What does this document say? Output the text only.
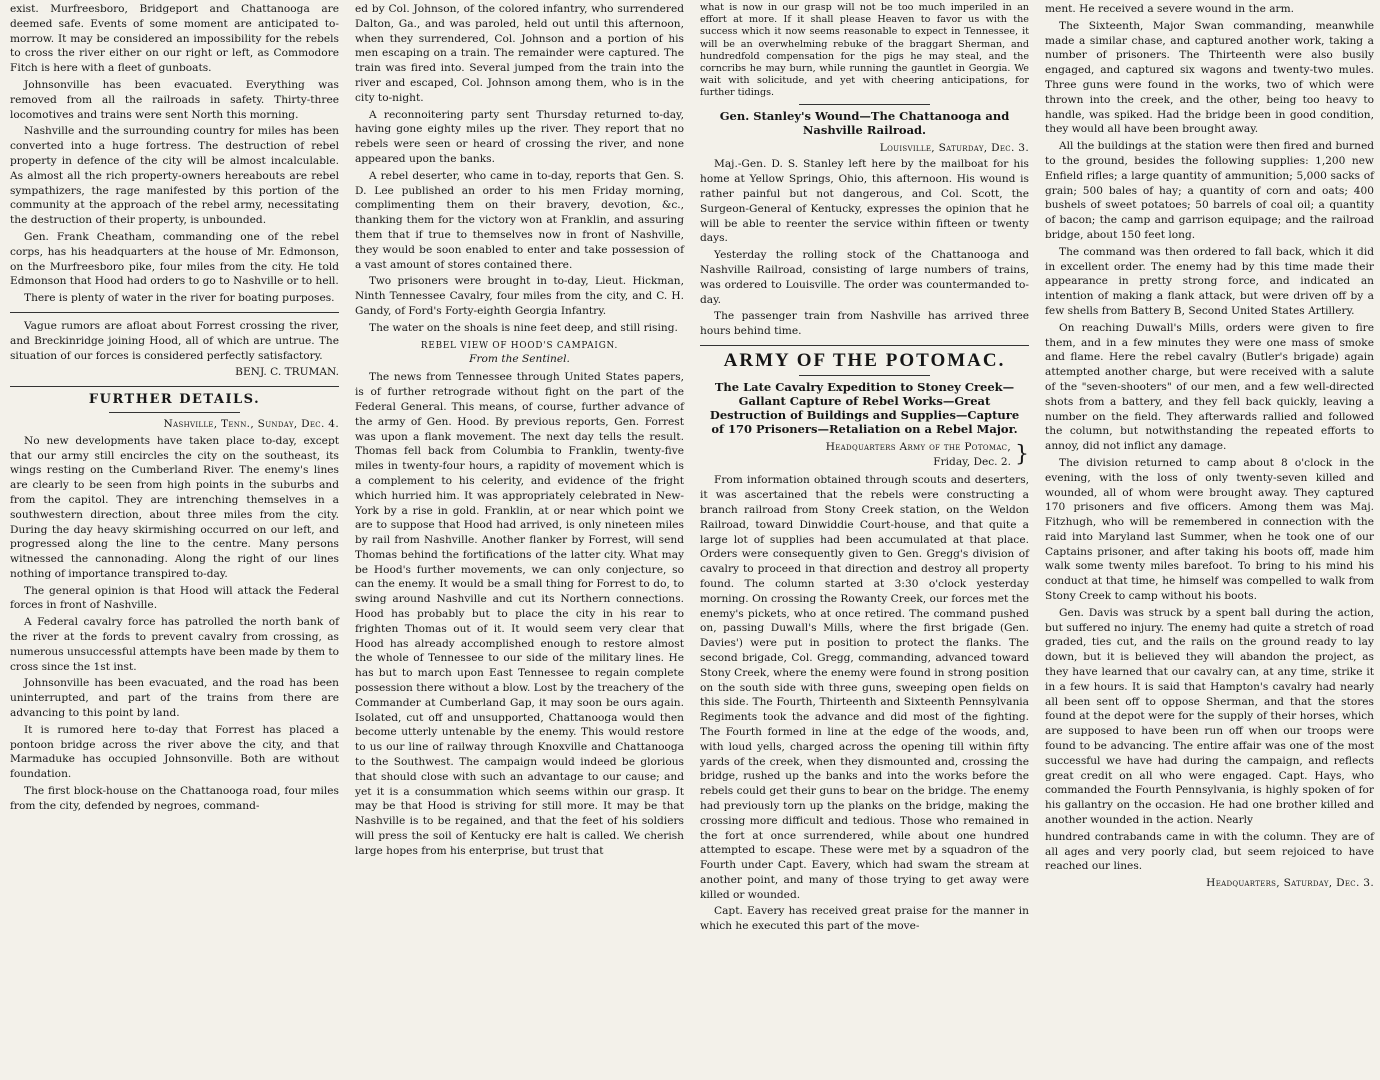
exist. Murfreesboro, Bridgeport and Chattanooga are deemed safe. Events of some moment are anticipated to-morrow. It may be considered an impossibility for the rebels to cross the river either on our right or left, as Commodore Fitch is here with a fleet of gunboats.

Johnsonville has been evacuated. Everything was removed from all the railroads in safety. Thirty-three locomotives and trains were sent North this morning.

Nashville and the surrounding country for miles has been converted into a huge fortress. The destruction of rebel property in defence of the city will be almost incalculable. As almost all the rich property-owners hereabouts are rebel sympathizers, the rage manifested by this portion of the community at the approach of the rebel army, necessitating the destruction of their property, is unbounded.

Gen. Frank Cheatham, commanding one of the rebel corps, has his headquarters at the house of Mr. Edmonson, on the Murfreesboro pike, four miles from the city. He told Edmonson that Hood had orders to go to Nashville or to hell.

There is plenty of water in the river for boating purposes.

Vague rumors are afloat about Forrest crossing the river, and Breckinridge joining Hood, all of which are untrue. The situation of our forces is considered perfectly satisfactory.

BENJ. C. TRUMAN.

FURTHER DETAILS.

Nashville, Tenn., Sunday, Dec. 4.

No new developments have taken place to-day, except that our army still encircles the city on the southeast, its wings resting on the Cumberland River. The enemy's lines are clearly to be seen from high points in the suburbs and from the capitol. They are intrenching themselves in a southwestern direction, about three miles from the city. During the day heavy skirmishing occurred on our left, and progressed along the line to the centre. Many persons witnessed the cannonading. Along the right of our lines nothing of importance transpired to-day.

The general opinion is that Hood will attack the Federal forces in front of Nashville.

A Federal cavalry force has patrolled the north bank of the river at the fords to prevent cavalry from crossing, as numerous unsuccessful attempts have been made by them to cross since the 1st inst.

Johnsonville has been evacuated, and the road has been uninterrupted, and part of the trains from there are advancing to this point by land.

It is rumored here to-day that Forrest has placed a pontoon bridge across the river above the city, and that Marmaduke has occupied Johnsonville. Both are without foundation.

The first block-house on the Chattanooga road, four miles from the city, defended by negroes, command-

ed by Col. Johnson, of the colored infantry, who surrendered Dalton, Ga., and was paroled, held out until this afternoon, when they surrendered, Col. Johnson and a portion of his men escaping on a train. The remainder were captured. The train was fired into. Several jumped from the train into the river and escaped, Col. Johnson among them, who is in the city to-night.

A reconnoitering party sent Thursday returned to-day, having gone eighty miles up the river. They report that no rebels were seen or heard of crossing the river, and none appeared upon the banks.

A rebel deserter, who came in to-day, reports that Gen. S. D. Lee published an order to his men Friday morning, complimenting them on their bravery, devotion, &c., thanking them for the victory won at Franklin, and assuring them that if true to themselves now in front of Nashville, they would be soon enabled to enter and take possession of a vast amount of stores contained there.

Two prisoners were brought in to-day, Lieut. Hickman, Ninth Tennessee Cavalry, four miles from the city, and C. H. Gandy, of Ford's Forty-eighth Georgia Infantry.

The water on the shoals is nine feet deep, and still rising.

REBEL VIEW OF HOOD'S CAMPAIGN.
From the Sentinel.

The news from Tennessee through United States papers, is of further retrograde without fight on the part of the Federal General. This means, of course, further advance of the army of Gen. Hood. By previous reports, Gen. Forrest was upon a flank movement. The next day tells the result. Thomas fell back from Columbia to Franklin, twenty-five miles in twenty-four hours, a rapidity of movement which is a complement to his celerity, and evidence of the fright which hurried him. It was appropriately celebrated in New-York by a rise in gold. Franklin, at or near which point we are to suppose that Hood had arrived, is only nineteen miles by rail from Nashville. Another flanker by Forrest, will send Thomas behind the fortifications of the latter city. What may be Hood's further movements, we can only conjecture, so can the enemy. It would be a small thing for Forrest to do, to swing around Nashville and cut its Northern connections. Hood has probably but to place the city in his rear to frighten Thomas out of it. It would seem very clear that Hood has already accomplished enough to restore almost the whole of Tennessee to our side of the military lines. He has but to march upon East Tennessee to regain complete possession there without a blow. Lost by the treachery of the Commander at Cumberland Gap, it may soon be ours again. Isolated, cut off and unsupported, Chattanooga would then become utterly untenable by the enemy. This would restore to us our line of railway through Knoxville and Chattanooga to the Southwest. The campaign would indeed be glorious that should close with such an advantage to our cause; and yet it is a consummation which seems within our grasp. It may be that Hood is striving for still more. It may be that Nashville is to be regained, and that the feet of his soldiers will press the soil of Kentucky ere halt is called. We cherish large hopes from his enterprise, but trust that

what is now in our grasp will not be too much imperiled in an effort at more. If it shall please Heaven to favor us with the success which it now seems reasonable to expect in Tennessee, it will be an overwhelming rebuke of the braggart Sherman, and hundredfold compensation for the pigs he may steal, and the corncribs he may burn, while running the gauntlet in Georgia. We wait with solicitude, and yet with cheering anticipations, for further tidings.

Gen. Stanley's Wound—The Chattanooga and Nashville Railroad.

Louisville, Saturday, Dec. 3.

Maj.-Gen. D. S. Stanley left here by the mailboat for his home at Yellow Springs, Ohio, this afternoon. His wound is rather painful but not dangerous, and Col. Scott, the Surgeon-General of Kentucky, expresses the opinion that he will be able to reenter the service within fifteen or twenty days.

Yesterday the rolling stock of the Chattanooga and Nashville Railroad, consisting of large numbers of trains, was ordered to Louisville. The order was countermanded to-day.

The passenger train from Nashville has arrived three hours behind time.

ARMY OF THE POTOMAC.
The Late Cavalry Expedition to Stoney Creek—Gallant Capture of Rebel Works—Great Destruction of Buildings and Supplies—Capture of 170 Prisoners—Retaliation on a Rebel Major.
Headquarters Army of the Potomac,
Friday, Dec. 2. }

From information obtained through scouts and deserters, it was ascertained that the rebels were constructing a branch railroad from Stony Creek station, on the Weldon Railroad, toward Dinwiddie Court-house, and that quite a large lot of supplies had been accumulated at that place. Orders were consequently given to Gen. Gregg's division of cavalry to proceed in that direction and destroy all property found. The column started at 3:30 o'clock yesterday morning. On crossing the Rowanty Creek, our forces met the enemy's pickets, who at once retired. The command pushed on, passing Duwall's Mills, where the first brigade (Gen. Davies') were put in position to protect the flanks. The second brigade, Col. Gregg, commanding, advanced toward Stony Creek, where the enemy were found in strong position on the south side with three guns, sweeping open fields on this side. The Fourth, Thirteenth and Sixteenth Pennsylvania Regiments took the advance and did most of the fighting. The Fourth formed in line at the edge of the woods, and, with loud yells, charged across the opening till within fifty yards of the creek, when they dismounted and, crossing the bridge, rushed up the banks and into the works before the rebels could get their guns to bear on the bridge. The enemy had previously torn up the planks on the bridge, making the crossing more difficult and tedious. Those who remained in the fort at once surrendered, while about one hundred attempted to escape. These were met by a squadron of the Fourth under Capt. Eavery, which had swam the stream at another point, and many of those trying to get away were killed or wounded.

Capt. Eavery has received great praise for the manner in which he executed this part of the move-

ment. He received a severe wound in the arm.

The Sixteenth, Major Swan commanding, meanwhile made a similar chase, and captured another work, taking a number of prisoners. The Thirteenth were also busily engaged, and captured six wagons and twenty-two mules. Three guns were found in the works, two of which were thrown into the creek, and the other, being too heavy to handle, was spiked. Had the bridge been in good condition, they would all have been brought away.

All the buildings at the station were then fired and burned to the ground, besides the following supplies: 1,200 new Enfield rifles; a large quantity of ammunition; 5,000 sacks of grain; 500 bales of hay; a quantity of corn and oats; 400 bushels of sweet potatoes; 50 barrels of coal oil; a quantity of bacon; the camp and garrison equipage; and the railroad bridge, about 150 feet long.

The command was then ordered to fall back, which it did in excellent order. The enemy had by this time made their appearance in pretty strong force, and indicated an intention of making a flank attack, but were driven off by a few shells from Battery B, Second United States Artillery.

On reaching Duwall's Mills, orders were given to fire them, and in a few minutes they were one mass of smoke and flame. Here the rebel cavalry (Butler's brigade) again attempted another charge, but were received with a salute of the "seven-shooters" of our men, and a few well-directed shots from a battery, and they fell back quickly, leaving a number on the field. They afterwards rallied and followed the column, but notwithstanding the repeated efforts to annoy, did not inflict any damage.

The division returned to camp about 8 o'clock in the evening, with the loss of only twenty-seven killed and wounded, all of whom were brought away. They captured 170 prisoners and five officers. Among them was Maj. Fitzhugh, who will be remembered in connection with the raid into Maryland last Summer, when he took one of our Captains prisoner, and after taking his boots off, made him walk some twenty miles barefoot. To bring to his mind his conduct at that time, he himself was compelled to walk from Stony Creek to camp without his boots.

Gen. Davis was struck by a spent ball during the action, but suffered no injury. The enemy had quite a stretch of road graded, ties cut, and the rails on the ground ready to lay down, but it is believed they will abandon the project, as they have learned that our cavalry can, at any time, strike it in a few hours. It is said that Hampton's cavalry had nearly all been sent off to oppose Sherman, and that the stores found at the depot were for the supply of their horses, which are supposed to have been run off when our troops were found to be advancing. The entire affair was one of the most successful we have had during the campaign, and reflects great credit on all who were engaged. Capt. Hays, who commanded the Fourth Pennsylvania, is highly spoken of for his gallantry on the occasion. He had one brother killed and another wounded in the action. Nearly

hundred contrabands came in with the column. They are of all ages and very poorly clad, but seem rejoiced to have reached our lines.

Headquarters, Saturday, Dec. 3.
